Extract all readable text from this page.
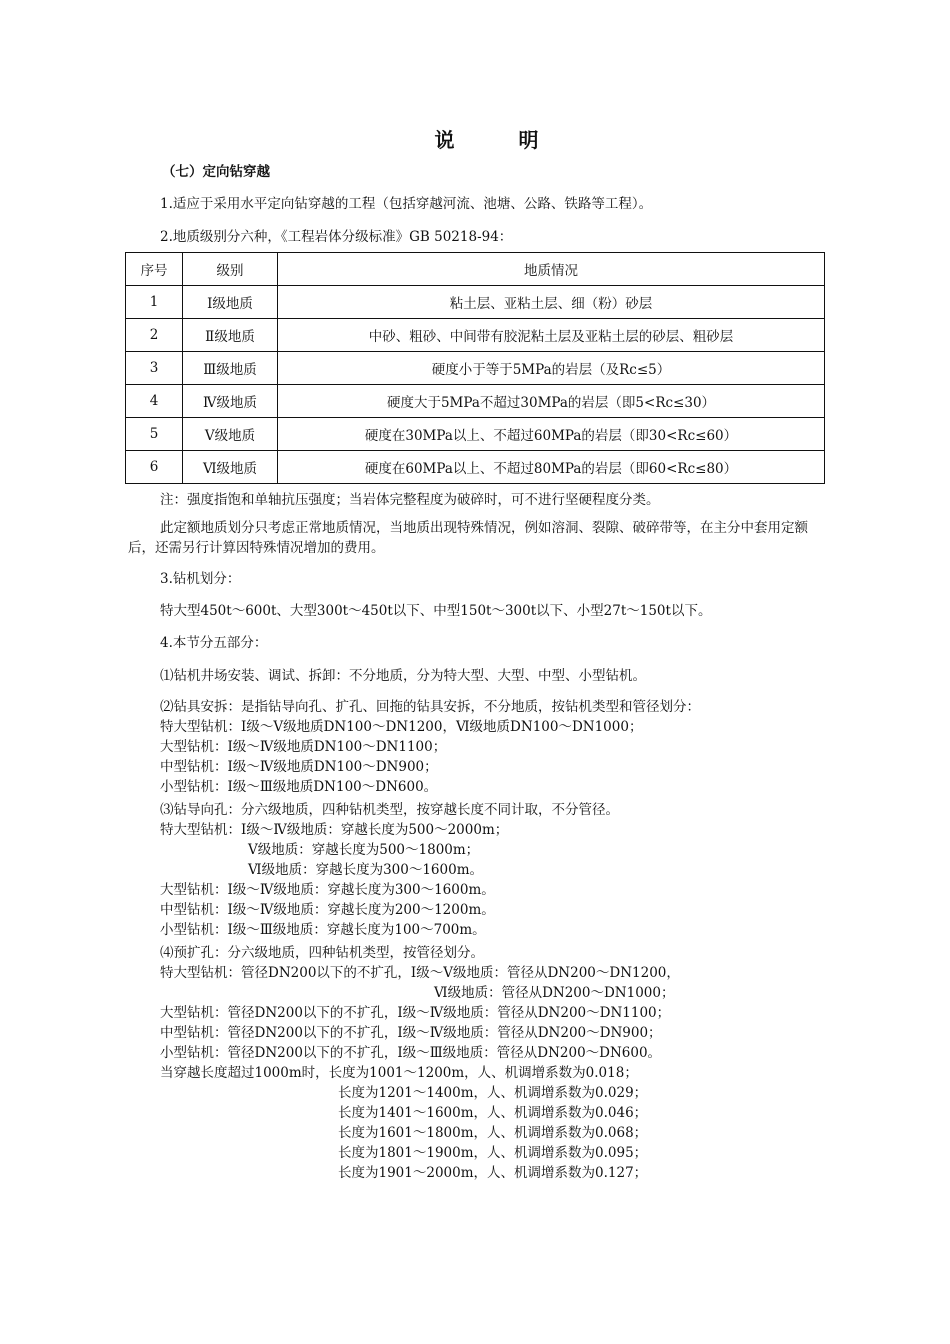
说　明
（七）定向钻穿越
1.适应于采用水平定向钻穿越的工程（包括穿越河流、池塘、公路、铁路等工程）。
2.地质级别分六种，《工程岩体分级标准》GB 50218-94：
序号	级别	地质情况
1	Ⅰ级地质	粘土层、亚粘土层、细（粉）砂层
2	Ⅱ级地质	中砂、粗砂、中间带有胶泥粘土层及亚粘土层的砂层、粗砂层
3	Ⅲ级地质	硬度小于等于5MPa的岩层（及Rc≤5）
4	Ⅳ级地质	硬度大于5MPa不超过30MPa的岩层（即5<Rc≤30）
5	Ⅴ级地质	硬度在30MPa以上、不超过60MPa的岩层（即30<Rc≤60）
6	Ⅵ级地质	硬度在60MPa以上、不超过80MPa的岩层（即60<Rc≤80）
注：强度指饱和单轴抗压强度；当岩体完整程度为破碎时，可不进行坚硬程度分类。
此定额地质划分只考虑正常地质情况，当地质出现特殊情况，例如溶洞、裂隙、破碎带等，在主分中套用定额后，还需另行计算因特殊情况增加的费用。
3.钻机划分：
特大型450t～600t、大型300t～450t以下、中型150t～300t以下、小型27t～150t以下。
4.本节分五部分：
⑴钻机井场安装、调试、拆卸：不分地质，分为特大型、大型、中型、小型钻机。
⑵钻具安拆：是指钻导向孔、扩孔、回拖的钻具安拆，不分地质，按钻机类型和管径划分：
特大型钻机：Ⅰ级～Ⅴ级地质DN100～DN1200，Ⅵ级地质DN100～DN1000；
大型钻机：Ⅰ级～Ⅳ级地质DN100～DN1100；
中型钻机：Ⅰ级～Ⅳ级地质DN100～DN900；
小型钻机：Ⅰ级～Ⅲ级地质DN100～DN600。
⑶钻导向孔：分六级地质，四种钻机类型，按穿越长度不同计取，不分管径。
特大型钻机：Ⅰ级～Ⅳ级地质：穿越长度为500～2000m；
Ⅴ级地质：穿越长度为500～1800m；
Ⅵ级地质：穿越长度为300～1600m。
大型钻机：Ⅰ级～Ⅳ级地质：穿越长度为300～1600m。
中型钻机：Ⅰ级～Ⅳ级地质：穿越长度为200～1200m。
小型钻机：Ⅰ级～Ⅲ级地质：穿越长度为100～700m。
⑷预扩孔：分六级地质，四种钻机类型，按管径划分。
特大型钻机：管径DN200以下的不扩孔，Ⅰ级～Ⅴ级地质：管径从DN200～DN1200，
Ⅵ级地质：管径从DN200～DN1000；
大型钻机：管径DN200以下的不扩孔，Ⅰ级～Ⅳ级地质：管径从DN200～DN1100；
中型钻机：管径DN200以下的不扩孔，Ⅰ级～Ⅳ级地质：管径从DN200～DN900；
小型钻机：管径DN200以下的不扩孔，Ⅰ级～Ⅲ级地质：管径从DN200～DN600。
当穿越长度超过1000m时，长度为1001～1200m，人、机调增系数为0.018；
长度为1201～1400m，人、机调增系数为0.029；
长度为1401～1600m，人、机调增系数为0.046；
长度为1601～1800m，人、机调增系数为0.068；
长度为1801～1900m，人、机调增系数为0.095；
长度为1901～2000m，人、机调增系数为0.127；
